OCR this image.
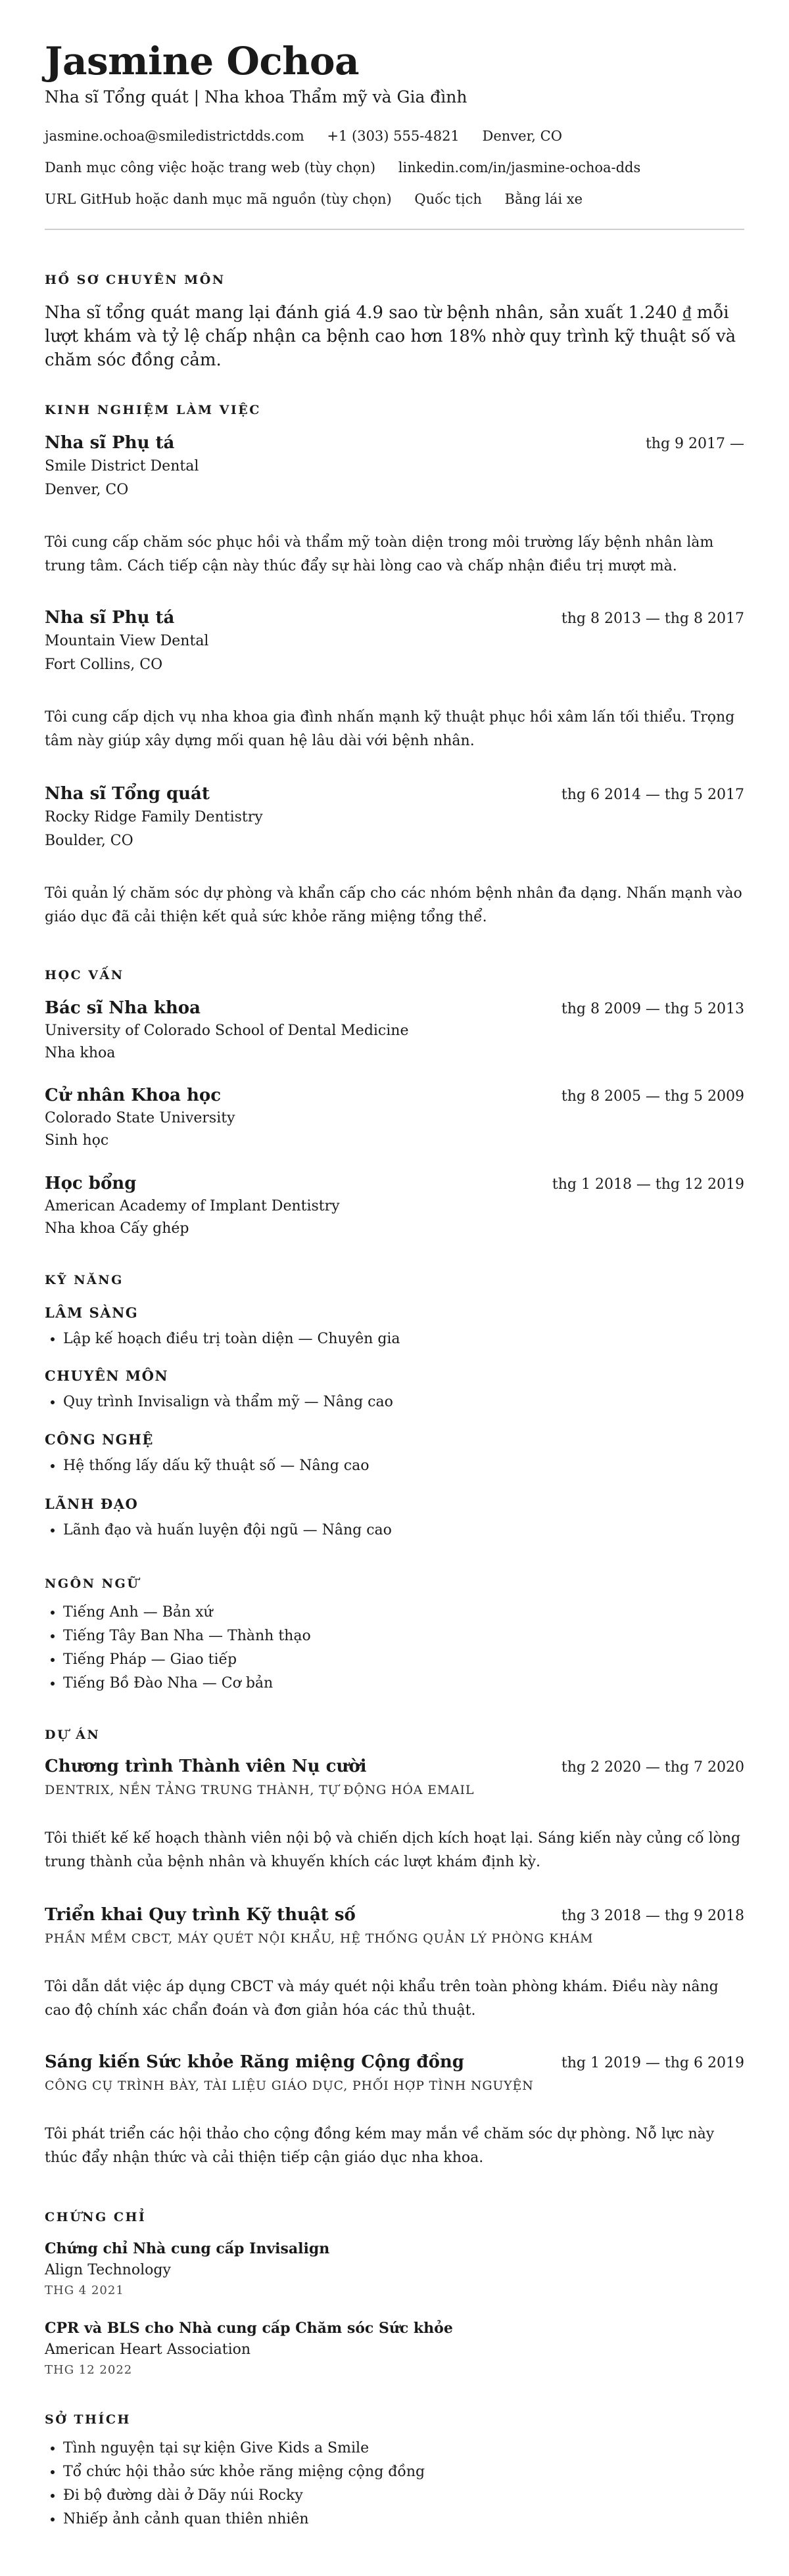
Jasmine Ochoa
Nha sĩ Tổng quát | Nha khoa Thẩm mỹ và Gia đình
jasmine.ochoa@smiledistrictdds.com +1 (303) 555-4821 Denver, CO
Danh mục công việc hoặc trang web (tùy chọn) linkedin.com/in/jasmine-ochoa-dds
URL GitHub hoặc danh mục mã nguồn (tùy chọn) Quốc tịch Bằng lái xe
HỒ SƠ CHUYÊN MÔN
Nha sĩ tổng quát mang lại đánh giá 4.9 sao từ bệnh nhân, sản xuất 1.240 ₫ mỗi lượt khám và tỷ lệ chấp nhận ca bệnh cao hơn 18% nhờ quy trình kỹ thuật số và chăm sóc đồng cảm.
KINH NGHIỆM LÀM VIỆC
Nha sĩ Phụ tá	thg 9 2017 —
Smile District Dental
Denver, CO
Tôi cung cấp chăm sóc phục hồi và thẩm mỹ toàn diện trong môi trường lấy bệnh nhân làm trung tâm. Cách tiếp cận này thúc đẩy sự hài lòng cao và chấp nhận điều trị mượt mà.
Nha sĩ Phụ tá	thg 8 2013 — thg 8 2017
Mountain View Dental
Fort Collins, CO
Tôi cung cấp dịch vụ nha khoa gia đình nhấn mạnh kỹ thuật phục hồi xâm lấn tối thiểu. Trọng tâm này giúp xây dựng mối quan hệ lâu dài với bệnh nhân.
Nha sĩ Tổng quát	thg 6 2014 — thg 5 2017
Rocky Ridge Family Dentistry
Boulder, CO
Tôi quản lý chăm sóc dự phòng và khẩn cấp cho các nhóm bệnh nhân đa dạng. Nhấn mạnh vào giáo dục đã cải thiện kết quả sức khỏe răng miệng tổng thể.
HỌC VẤN
Bác sĩ Nha khoa	thg 8 2009 — thg 5 2013
University of Colorado School of Dental Medicine
Nha khoa
Cử nhân Khoa học	thg 8 2005 — thg 5 2009
Colorado State University
Sinh học
Học bổng	thg 1 2018 — thg 12 2019
American Academy of Implant Dentistry
Nha khoa Cấy ghép
KỸ NĂNG
LÂM SÀNG
• Lập kế hoạch điều trị toàn diện — Chuyên gia
CHUYÊN MÔN
• Quy trình Invisalign và thẩm mỹ — Nâng cao
CÔNG NGHỆ
• Hệ thống lấy dấu kỹ thuật số — Nâng cao
LÃNH ĐẠO
• Lãnh đạo và huấn luyện đội ngũ — Nâng cao
NGÔN NGỮ
• Tiếng Anh — Bản xứ
• Tiếng Tây Ban Nha — Thành thạo
• Tiếng Pháp — Giao tiếp
• Tiếng Bồ Đào Nha — Cơ bản
DỰ ÁN
Chương trình Thành viên Nụ cười	thg 2 2020 — thg 7 2020
DENTRIX, NỀN TẢNG TRUNG THÀNH, TỰ ĐỘNG HÓA EMAIL
Tôi thiết kế kế hoạch thành viên nội bộ và chiến dịch kích hoạt lại. Sáng kiến này củng cố lòng trung thành của bệnh nhân và khuyến khích các lượt khám định kỳ.
Triển khai Quy trình Kỹ thuật số	thg 3 2018 — thg 9 2018
PHẦN MỀM CBCT, MÁY QUÉT NỘI KHẨU, HỆ THỐNG QUẢN LÝ PHÒNG KHÁM
Tôi dẫn dắt việc áp dụng CBCT và máy quét nội khẩu trên toàn phòng khám. Điều này nâng cao độ chính xác chẩn đoán và đơn giản hóa các thủ thuật.
Sáng kiến Sức khỏe Răng miệng Cộng đồng	thg 1 2019 — thg 6 2019
CÔNG CỤ TRÌNH BÀY, TÀI LIỆU GIÁO DỤC, PHỐI HỢP TÌNH NGUYỆN
Tôi phát triển các hội thảo cho cộng đồng kém may mắn về chăm sóc dự phòng. Nỗ lực này thúc đẩy nhận thức và cải thiện tiếp cận giáo dục nha khoa.
CHỨNG CHỈ
Chứng chỉ Nhà cung cấp Invisalign
Align Technology
THG 4 2021
CPR và BLS cho Nhà cung cấp Chăm sóc Sức khỏe
American Heart Association
THG 12 2022
SỞ THÍCH
• Tình nguyện tại sự kiện Give Kids a Smile
• Tổ chức hội thảo sức khỏe răng miệng cộng đồng
• Đi bộ đường dài ở Dãy núi Rocky
• Nhiếp ảnh cảnh quan thiên nhiên
